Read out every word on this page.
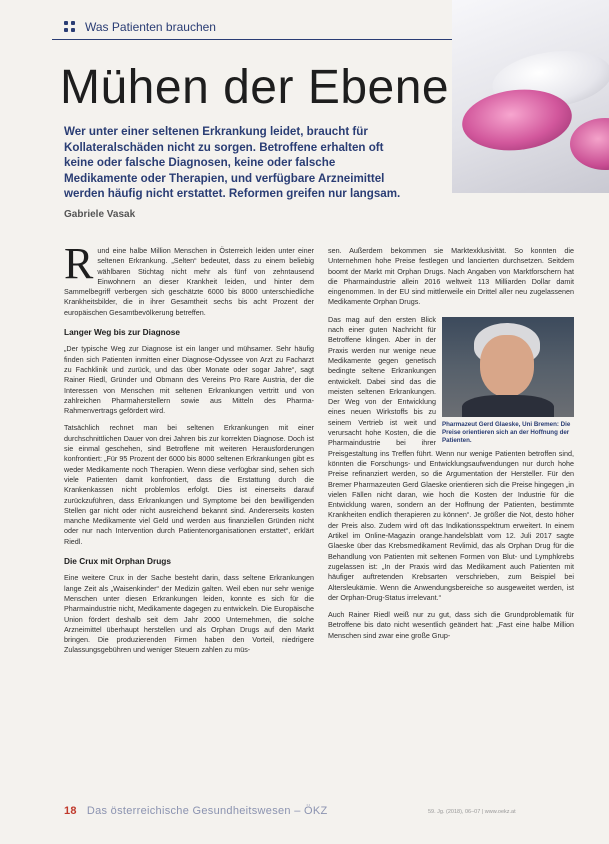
Was Patienten brauchen
Mühen der Ebene

Wer unter einer seltenen Erkrankung leidet, braucht für Kollateralschäden nicht zu sorgen. Betroffene erhalten oft keine oder falsche Diagnosen, keine oder falsche Medikamente oder Therapien, und verfügbare Arzneimittel werden häufig nicht erstattet. Reformen greifen nur langsam.

Gabriele Vasak

Rund eine halbe Million Menschen in Österreich leiden unter einer seltenen Erkrankung. „Selten“ bedeutet, dass zu einem beliebig wählbaren Stichtag nicht mehr als fünf von zehntausend Einwohnern an dieser Krankheit leiden, und hinter dem Sammelbegriff verbergen sich geschätzte 6000 bis 8000 unterschiedliche Krankheitsbilder, die in ihrer Gesamtheit sechs bis acht Prozent der europäischen Gesamtbevölkerung betreffen.

Langer Weg bis zur Diagnose

„Der typische Weg zur Diagnose ist ein langer und mühsamer. Sehr häufig finden sich Patienten inmitten einer Diagnose-Odyssee von Arzt zu Facharzt zu Fachklinik und zurück, und das über Monate oder sogar Jahre“, sagt Rainer Riedl, Gründer und Obmann des Vereins Pro Rare Austria, der die Interessen von Menschen mit seltenen Erkrankungen vertritt und von zahlreichen Pharmaherstellern sowie aus Mitteln des Pharma-Rahmenvertrags gefördert wird.

Tatsächlich rechnet man bei seltenen Erkrankungen mit einer durchschnittlichen Dauer von drei Jahren bis zur korrekten Diagnose. Doch ist sie einmal geschehen, sind Betroffene mit weiteren Herausforderungen konfrontiert: „Für 95 Prozent der 6000 bis 8000 seltenen Erkrankungen gibt es weder Medikamente noch Therapien. Wenn diese verfügbar sind, sehen sich viele Patienten damit konfrontiert, dass die Erstattung durch die Krankenkassen nicht problemlos erfolgt. Dies ist einerseits darauf zurückzuführen, dass Erkrankungen und Symptome bei den bewilligenden Stellen gar nicht oder nicht ausreichend bekannt sind. Andererseits kosten manche Medikamente viel Geld und werden aus finanziellen Gründen nicht oder nur nach Intervention durch Patientenorganisationen erstattet“, erklärt Riedl.

Die Crux mit Orphan Drugs

Eine weitere Crux in der Sache besteht darin, dass seltene Erkrankungen lange Zeit als „Waisenkinder“ der Medizin galten. Weil eben nur sehr wenige Menschen unter diesen Erkrankungen leiden, konnte es sich für die Pharmaindustrie nicht, Medikamente dagegen zu entwickeln. Die Europäische Union fördert deshalb seit dem Jahr 2000 Unternehmen, die solche Arzneimittel überhaupt herstellen und als Orphan Drugs auf den Markt bringen. Die produzierenden Firmen haben den Vorteil, niedrigere Zulassungsgebühren und weniger Steuern zahlen zu müs-

sen. Außerdem bekommen sie Marktexklusivität. So konnten die Unternehmen hohe Preise festlegen und lancierten durchsetzen. Seitdem boomt der Markt mit Orphan Drugs. Nach Angaben von Marktforschern hat die Pharmaindustrie allein 2016 weltweit 113 Milliarden Dollar damit eingenommen. In der EU sind mittlerweile ein Drittel aller neu zugelassenen Medikamente Orphan Drugs.

Pharmazeut Gerd Glaeske, Uni Bremen: Die Preise orientieren sich an der Hoffnung der Patienten.
Das mag auf den ersten Blick nach einer guten Nachricht für Betroffene klingen. Aber in der Praxis werden nur wenige neue Medikamente gegen genetisch bedingte seltene Erkrankungen entwickelt. Dabei sind das die meisten seltenen Erkrankungen. Der Weg von der Entwicklung eines neuen Wirkstoffs bis zu seinem Vertrieb ist weit und verursacht hohe Kosten, die die Pharmaindustrie bei ihrer Preisgestaltung ins Treffen führt. Wenn nur wenige Patienten betroffen sind, könnten die Forschungs- und Entwicklungsaufwendungen nur durch hohe Preise refinanziert werden, so die Argumentation der Hersteller. Für den Bremer Pharmazeuten Gerd Glaeske orientieren sich die Preise hingegen „in vielen Fällen nicht daran, wie hoch die Kosten der Industrie für die Entwicklung waren, sondern an der Hoffnung der Patienten, bestimmte Krankheiten endlich therapieren zu können“. Je größer die Not, desto höher der Preis also. Zudem wird oft das Indikationsspektrum erweitert. In einem Artikel im Online-Magazin orange.handelsblatt vom 12. Juli 2017 sagte Glaeske über das Krebsmedikament Revlimid, das als Orphan Drug für die Behandlung von Patienten mit seltenen Formen von Blut- und Lymphkrebs zugelassen ist: „In der Praxis wird das Medikament auch Patienten mit häufiger auftretenden Krebsarten verschrieben, zum Beispiel bei Altersleukämie. Wenn die Anwendungsbereiche so ausgeweitet werden, ist der Orphan-Drug-Status irrelevant.“

Auch Rainer Riedl weiß nur zu gut, dass sich die Grundproblematik für Betroffene bis dato nicht wesentlich geändert hat: „Fast eine halbe Million Menschen sind zwar eine große Grup-

18 Das österreichische Gesundheitswesen – ÖKZ	59. Jg. (2018), 06–07 | www.oekz.at
